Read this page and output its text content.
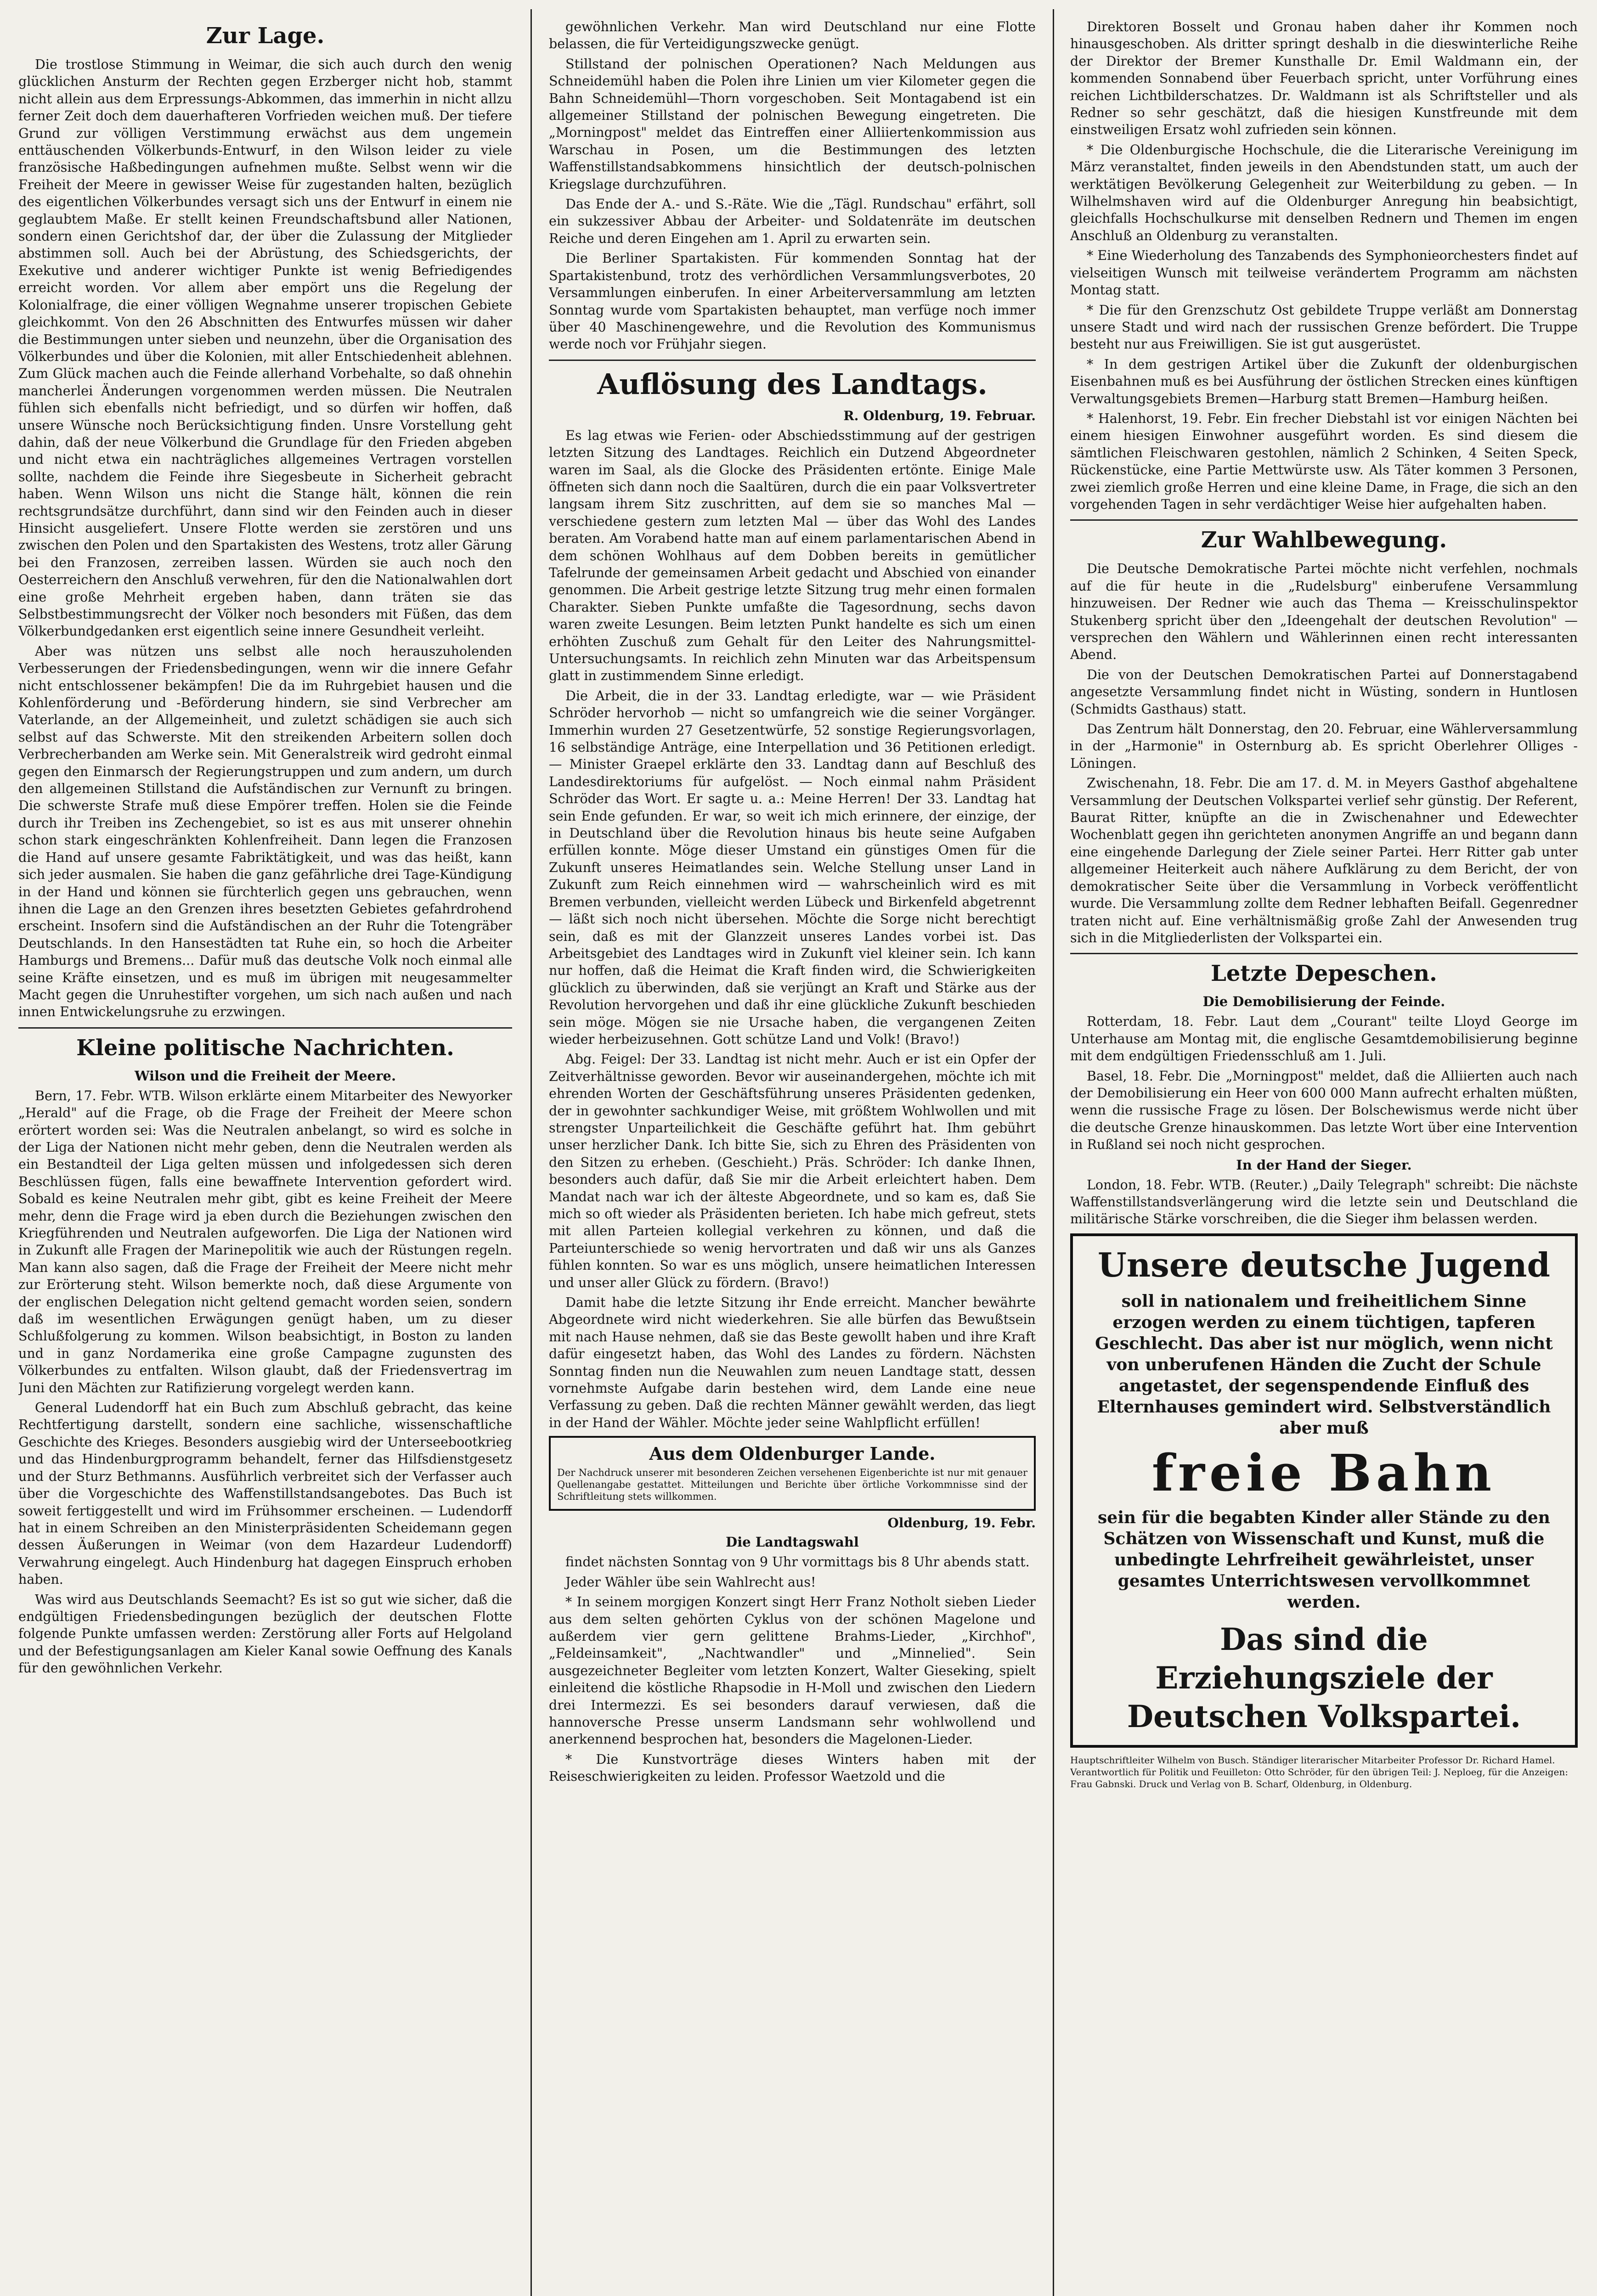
Zur Lage.

Die trostlose Stimmung in Weimar, die sich auch durch den wenig glücklichen Ansturm der Rechten gegen Erzberger nicht hob, stammt nicht allein aus dem Erpressungs-Abkommen, das immerhin in nicht allzu ferner Zeit doch dem dauerhafteren Vorfrieden weichen muß. Der tiefere Grund zur völligen Verstimmung erwächst aus dem ungemein enttäuschenden Völkerbunds-Entwurf, in den Wilson leider zu viele französische Haßbedingungen aufnehmen mußte. Selbst wenn wir die Freiheit der Meere in gewisser Weise für zugestanden halten, bezüglich des eigentlichen Völkerbundes versagt sich uns der Entwurf in einem nie geglaubtem Maße. Er stellt keinen Freundschaftsbund aller Nationen, sondern einen Gerichtshof dar, der über die Zulassung der Mitglieder abstimmen soll. Auch bei der Abrüstung, des Schiedsgerichts, der Exekutive und anderer wichtiger Punkte ist wenig Befriedigendes erreicht worden. Vor allem aber empört uns die Regelung der Kolonialfrage, die einer völligen Wegnahme unserer tropischen Gebiete gleichkommt. Von den 26 Abschnitten des Entwurfes müssen wir daher die Bestimmungen unter sieben und neunzehn, über die Organisation des Völkerbundes und über die Kolonien, mit aller Entschiedenheit ablehnen. Zum Glück machen auch die Feinde allerhand Vorbehalte, so daß ohnehin mancherlei Änderungen vorgenommen werden müssen. Die Neutralen fühlen sich ebenfalls nicht befriedigt, und so dürfen wir hoffen, daß unsere Wünsche noch Berücksichtigung finden. Unsre Vorstellung geht dahin, daß der neue Völkerbund die Grundlage für den Frieden abgeben und nicht etwa ein nachträgliches allgemeines Vertragen vorstellen sollte, nachdem die Feinde ihre Siegesbeute in Sicherheit gebracht haben. Wenn Wilson uns nicht die Stange hält, können die rein rechtsgrundsätze durchführt, dann sind wir den Feinden auch in dieser Hinsicht ausgeliefert. Unsere Flotte werden sie zerstören und uns zwischen den Polen und den Spartakisten des Westens, trotz aller Gärung bei den Franzosen, zerreiben lassen. Würden sie auch noch den Oesterreichern den Anschluß verwehren, für den die Nationalwahlen dort eine große Mehrheit ergeben haben, dann träten sie das Selbstbestimmungsrecht der Völker noch besonders mit Füßen, das dem Völkerbundgedanken erst eigentlich seine innere Gesundheit verleiht.

Aber was nützen uns selbst alle noch herauszuholenden Verbesserungen der Friedensbedingungen, wenn wir die innere Gefahr nicht entschlossener bekämpfen! Die da im Ruhrgebiet hausen und die Kohlenförderung und -Beförderung hindern, sie sind Verbrecher am Vaterlande, an der Allgemeinheit, und zuletzt schädigen sie auch sich selbst auf das Schwerste. Mit den streikenden Arbeitern sollen doch Verbrecherbanden am Werke sein. Mit Generalstreik wird gedroht einmal gegen den Einmarsch der Regierungstruppen und zum andern, um durch den allgemeinen Stillstand die Aufständischen zur Vernunft zu bringen. Die schwerste Strafe muß diese Empörer treffen. Holen sie die Feinde durch ihr Treiben ins Zechengebiet, so ist es aus mit unserer ohnehin schon stark eingeschränkten Kohlenfreiheit. Dann legen die Franzosen die Hand auf unsere gesamte Fabriktätigkeit, und was das heißt, kann sich jeder ausmalen. Sie haben die ganz gefährliche drei Tage-Kündigung in der Hand und können sie fürchterlich gegen uns gebrauchen, wenn ihnen die Lage an den Grenzen ihres besetzten Gebietes gefahrdrohend erscheint. Insofern sind die Aufständischen an der Ruhr die Totengräber Deutschlands. In den Hansestädten tat Ruhe ein, so hoch die Arbeiter Hamburgs und Bremens... Dafür muß das deutsche Volk noch einmal alle seine Kräfte einsetzen, und es muß im übrigen mit neugesammelter Macht gegen die Unruhestifter vorgehen, um sich nach außen und nach innen Entwickelungsruhe zu erzwingen.

Kleine politische Nachrichten.
Wilson und die Freiheit der Meere.

Bern, 17. Febr. WTB. Wilson erklärte einem Mitarbeiter des Newyorker „Herald" auf die Frage, ob die Frage der Freiheit der Meere schon erörtert worden sei: Was die Neutralen anbelangt, so wird es solche in der Liga der Nationen nicht mehr geben, denn die Neutralen werden als ein Bestandteil der Liga gelten müssen und infolgedessen sich deren Beschlüssen fügen, falls eine bewaffnete Intervention gefordert wird. Sobald es keine Neutralen mehr gibt, gibt es keine Freiheit der Meere mehr, denn die Frage wird ja eben durch die Beziehungen zwischen den Kriegführenden und Neutralen aufgeworfen. Die Liga der Nationen wird in Zukunft alle Fragen der Marinepolitik wie auch der Rüstungen regeln. Man kann also sagen, daß die Frage der Freiheit der Meere nicht mehr zur Erörterung steht. Wilson bemerkte noch, daß diese Argumente von der englischen Delegation nicht geltend gemacht worden seien, sondern daß im wesentlichen Erwägungen genügt haben, um zu dieser Schlußfolgerung zu kommen. Wilson beabsichtigt, in Boston zu landen und in ganz Nordamerika eine große Campagne zugunsten des Völkerbundes zu entfalten. Wilson glaubt, daß der Friedensvertrag im Juni den Mächten zur Ratifizierung vorgelegt werden kann.

General Ludendorff hat ein Buch zum Abschluß gebracht, das keine Rechtfertigung darstellt, sondern eine sachliche, wissenschaftliche Geschichte des Krieges. Besonders ausgiebig wird der Unterseebootkrieg und das Hindenburgprogramm behandelt, ferner das Hilfsdienstgesetz und der Sturz Bethmanns. Ausführlich verbreitet sich der Verfasser auch über die Vorgeschichte des Waffenstillstandsangebotes. Das Buch ist soweit fertiggestellt und wird im Frühsommer erscheinen. — Ludendorff hat in einem Schreiben an den Ministerpräsidenten Scheidemann gegen dessen Äußerungen in Weimar (von dem Hazardeur Ludendorff) Verwahrung eingelegt. Auch Hindenburg hat dagegen Einspruch erhoben haben.

Was wird aus Deutschlands Seemacht? Es ist so gut wie sicher, daß die endgültigen Friedensbedingungen bezüglich der deutschen Flotte folgende Punkte umfassen werden: Zerstörung aller Forts auf Helgoland und der Befestigungsanlagen am Kieler Kanal sowie Oeffnung des Kanals für den gewöhnlichen Verkehr.

gewöhnlichen Verkehr. Man wird Deutschland nur eine Flotte belassen, die für Verteidigungszwecke genügt.

Stillstand der polnischen Operationen? Nach Meldungen aus Schneidemühl haben die Polen ihre Linien um vier Kilometer gegen die Bahn Schneidemühl—Thorn vorgeschoben. Seit Montagabend ist ein allgemeiner Stillstand der polnischen Bewegung eingetreten. Die „Morningpost" meldet das Eintreffen einer Alliiertenkommission aus Warschau in Posen, um die Bestimmungen des letzten Waffenstillstandsabkommens hinsichtlich der deutsch-polnischen Kriegslage durchzuführen.

Das Ende der A.- und S.-Räte. Wie die „Tägl. Rundschau" erfährt, soll ein sukzessiver Abbau der Arbeiter- und Soldatenräte im deutschen Reiche und deren Eingehen am 1. April zu erwarten sein.

Die Berliner Spartakisten. Für kommenden Sonntag hat der Spartakistenbund, trotz des verhördlichen Versammlungsverbotes, 20 Versammlungen einberufen. In einer Arbeiterversammlung am letzten Sonntag wurde vom Spartakisten behauptet, man verfüge noch immer über 40 Maschinengewehre, und die Revolution des Kommunismus werde noch vor Frühjahr siegen.

Auflösung des Landtags.
R. Oldenburg, 19. Februar.

Es lag etwas wie Ferien- oder Abschiedsstimmung auf der gestrigen letzten Sitzung des Landtages. Reichlich ein Dutzend Abgeordneter waren im Saal, als die Glocke des Präsidenten ertönte. Einige Male öffneten sich dann noch die Saaltüren, durch die ein paar Volksvertreter langsam ihrem Sitz zuschritten, auf dem sie so manches Mal — verschiedene gestern zum letzten Mal — über das Wohl des Landes beraten. Am Vorabend hatte man auf einem parlamentarischen Abend in dem schönen Wohlhaus auf dem Dobben bereits in gemütlicher Tafelrunde der gemeinsamen Arbeit gedacht und Abschied von einander genommen. Die Arbeit gestrige letzte Sitzung trug mehr einen formalen Charakter. Sieben Punkte umfaßte die Tagesordnung, sechs davon waren zweite Lesungen. Beim letzten Punkt handelte es sich um einen erhöhten Zuschuß zum Gehalt für den Leiter des Nahrungsmittel-Untersuchungsamts. In reichlich zehn Minuten war das Arbeitspensum glatt in zustimmendem Sinne erledigt.

Die Arbeit, die in der 33. Landtag erledigte, war — wie Präsident Schröder hervorhob — nicht so umfangreich wie die seiner Vorgänger. Immerhin wurden 27 Gesetzentwürfe, 52 sonstige Regierungsvorlagen, 16 selbständige Anträge, eine Interpellation und 36 Petitionen erledigt. — Minister Graepel erklärte den 33. Landtag dann auf Beschluß des Landesdirektoriums für aufgelöst. — Noch einmal nahm Präsident Schröder das Wort. Er sagte u. a.: Meine Herren! Der 33. Landtag hat sein Ende gefunden. Er war, so weit ich mich erinnere, der einzige, der in Deutschland über die Revolution hinaus bis heute seine Aufgaben erfüllen konnte. Möge dieser Umstand ein günstiges Omen für die Zukunft unseres Heimatlandes sein. Welche Stellung unser Land in Zukunft zum Reich einnehmen wird — wahrscheinlich wird es mit Bremen verbunden, vielleicht werden Lübeck und Birkenfeld abgetrennt — läßt sich noch nicht übersehen. Möchte die Sorge nicht berechtigt sein, daß es mit der Glanzzeit unseres Landes vorbei ist. Das Arbeitsgebiet des Landtages wird in Zukunft viel kleiner sein. Ich kann nur hoffen, daß die Heimat die Kraft finden wird, die Schwierigkeiten glücklich zu überwinden, daß sie verjüngt an Kraft und Stärke aus der Revolution hervorgehen und daß ihr eine glückliche Zukunft beschieden sein möge. Mögen sie nie Ursache haben, die vergangenen Zeiten wieder herbeizusehnen. Gott schütze Land und Volk! (Bravo!)

Abg. Feigel: Der 33. Landtag ist nicht mehr. Auch er ist ein Opfer der Zeitverhältnisse geworden. Bevor wir auseinandergehen, möchte ich mit ehrenden Worten der Geschäftsführung unseres Präsidenten gedenken, der in gewohnter sachkundiger Weise, mit größtem Wohlwollen und mit strengster Unparteilichkeit die Geschäfte geführt hat. Ihm gebührt unser herzlicher Dank. Ich bitte Sie, sich zu Ehren des Präsidenten von den Sitzen zu erheben. (Geschieht.) Präs. Schröder: Ich danke Ihnen, besonders auch dafür, daß Sie mir die Arbeit erleichtert haben. Dem Mandat nach war ich der älteste Abgeordnete, und so kam es, daß Sie mich so oft wieder als Präsidenten berieten. Ich habe mich gefreut, stets mit allen Parteien kollegial verkehren zu können, und daß die Parteiunterschiede so wenig hervortraten und daß wir uns als Ganzes fühlen konnten. So war es uns möglich, unsere heimatlichen Interessen und unser aller Glück zu fördern. (Bravo!)

Damit habe die letzte Sitzung ihr Ende erreicht. Mancher bewährte Abgeordnete wird nicht wiederkehren. Sie alle bürfen das Bewußtsein mit nach Hause nehmen, daß sie das Beste gewollt haben und ihre Kraft dafür eingesetzt haben, das Wohl des Landes zu fördern. Nächsten Sonntag finden nun die Neuwahlen zum neuen Landtage statt, dessen vornehmste Aufgabe darin bestehen wird, dem Lande eine neue Verfassung zu geben. Daß die rechten Männer gewählt werden, das liegt in der Hand der Wähler. Möchte jeder seine Wahlpflicht erfüllen!

Aus dem Oldenburger Lande.

Der Nachdruck unserer mit besonderen Zeichen versehenen Eigenberichte ist nur mit genauer Quellenangabe gestattet. Mitteilungen und Berichte über örtliche Vorkommnisse sind der Schriftleitung stets willkommen.

Oldenburg, 19. Febr.
Die Landtagswahl

findet nächsten Sonntag von 9 Uhr vormittags bis 8 Uhr abends statt.

Jeder Wähler übe sein Wahlrecht aus!

* In seinem morgigen Konzert singt Herr Franz Notholt sieben Lieder aus dem selten gehörten Cyklus von der schönen Magelone und außerdem vier gern gelittene Brahms-Lieder, „Kirchhof", „Feldeinsamkeit", „Nachtwandler" und „Minnelied". Sein ausgezeichneter Begleiter vom letzten Konzert, Walter Gieseking, spielt einleitend die köstliche Rhapsodie in H-Moll und zwischen den Liedern drei Intermezzi. Es sei besonders darauf verwiesen, daß die hannoversche Presse unserm Landsmann sehr wohlwollend und anerkennend besprochen hat, besonders die Magelonen-Lieder.

* Die Kunstvorträge dieses Winters haben mit der Reiseschwierigkeiten zu leiden. Professor Waetzold und die

Direktoren Bosselt und Gronau haben daher ihr Kommen noch hinausgeschoben. Als dritter springt deshalb in die dieswinterliche Reihe der Direktor der Bremer Kunsthalle Dr. Emil Waldmann ein, der kommenden Sonnabend über Feuerbach spricht, unter Vorführung eines reichen Lichtbilderschatzes. Dr. Waldmann ist als Schriftsteller und als Redner so sehr geschätzt, daß die hiesigen Kunstfreunde mit dem einstweiligen Ersatz wohl zufrieden sein können.

* Die Oldenburgische Hochschule, die die Literarische Vereinigung im März veranstaltet, finden jeweils in den Abendstunden statt, um auch der werktätigen Bevölkerung Gelegenheit zur Weiterbildung zu geben. — In Wilhelmshaven wird auf die Oldenburger Anregung hin beabsichtigt, gleichfalls Hochschulkurse mit denselben Rednern und Themen im engen Anschluß an Oldenburg zu veranstalten.

* Eine Wiederholung des Tanzabends des Symphonieorchesters findet auf vielseitigen Wunsch mit teilweise verändertem Programm am nächsten Montag statt.

* Die für den Grenzschutz Ost gebildete Truppe verläßt am Donnerstag unsere Stadt und wird nach der russischen Grenze befördert. Die Truppe besteht nur aus Freiwilligen. Sie ist gut ausgerüstet.

* In dem gestrigen Artikel über die Zukunft der oldenburgischen Eisenbahnen muß es bei Ausführung der östlichen Strecken eines künftigen Verwaltungsgebiets Bremen—Harburg statt Bremen—Hamburg heißen.

* Halenhorst, 19. Febr. Ein frecher Diebstahl ist vor einigen Nächten bei einem hiesigen Einwohner ausgeführt worden. Es sind diesem die sämtlichen Fleischwaren gestohlen, nämlich 2 Schinken, 4 Seiten Speck, Rückenstücke, eine Partie Mettwürste usw. Als Täter kommen 3 Personen, zwei ziemlich große Herren und eine kleine Dame, in Frage, die sich an den vorgehenden Tagen in sehr verdächtiger Weise hier aufgehalten haben.

Zur Wahlbewegung.

Die Deutsche Demokratische Partei möchte nicht verfehlen, nochmals auf die für heute in die „Rudelsburg" einberufene Versammlung hinzuweisen. Der Redner wie auch das Thema — Kreisschulinspektor Stukenberg spricht über den „Ideengehalt der deutschen Revolution" — versprechen den Wählern und Wählerinnen einen recht interessanten Abend.

Die von der Deutschen Demokratischen Partei auf Donnerstagabend angesetzte Versammlung findet nicht in Wüsting, sondern in Huntlosen (Schmidts Gasthaus) statt.

Das Zentrum hält Donnerstag, den 20. Februar, eine Wählerversammlung in der „Harmonie" in Osternburg ab. Es spricht Oberlehrer Olliges - Löningen.

Zwischenahn, 18. Febr. Die am 17. d. M. in Meyers Gasthof abgehaltene Versammlung der Deutschen Volkspartei verlief sehr günstig. Der Referent, Baurat Ritter, knüpfte an die in Zwischenahner und Edewechter Wochenblatt gegen ihn gerichteten anonymen Angriffe an und begann dann eine eingehende Darlegung der Ziele seiner Partei. Herr Ritter gab unter allgemeiner Heiterkeit auch nähere Aufklärung zu dem Bericht, der von demokratischer Seite über die Versammlung in Vorbeck veröffentlicht wurde. Die Versammlung zollte dem Redner lebhaften Beifall. Gegenredner traten nicht auf. Eine verhältnismäßig große Zahl der Anwesenden trug sich in die Mitgliederlisten der Volkspartei ein.

Letzte Depeschen.
Die Demobilisierung der Feinde.

Rotterdam, 18. Febr. Laut dem „Courant" teilte Lloyd George im Unterhause am Montag mit, die englische Gesamtdemobilisierung beginne mit dem endgültigen Friedensschluß am 1. Juli.

Basel, 18. Febr. Die „Morningpost" meldet, daß die Alliierten auch nach der Demobilisierung ein Heer von 600 000 Mann aufrecht erhalten müßten, wenn die russische Frage zu lösen. Der Bolschewismus werde nicht über die deutsche Grenze hinauskommen. Das letzte Wort über eine Intervention in Rußland sei noch nicht gesprochen.

In der Hand der Sieger.

London, 18. Febr. WTB. (Reuter.) „Daily Telegraph" schreibt: Die nächste Waffenstillstandsverlängerung wird die letzte sein und Deutschland die militärische Stärke vorschreiben, die die Sieger ihm belassen werden.

Unsere deutsche Jugend
soll in nationalem und freiheitlichem Sinne erzogen werden zu einem tüchtigen, tapferen Geschlecht. Das aber ist nur möglich, wenn nicht von unberufenen Händen die Zucht der Schule angetastet, der segenspendende Einfluß des Elternhauses gemindert wird. Selbstverständlich aber muß
freie Bahn
sein für die begabten Kinder aller Stände zu den Schätzen von Wissenschaft und Kunst, muß die unbedingte Lehrfreiheit gewährleistet, unser gesamtes Unterrichtswesen vervollkommnet werden.
Das sind die Erziehungsziele der Deutschen Volkspartei.

Hauptschriftleiter Wilhelm von Busch. Ständiger literarischer Mitarbeiter Professor Dr. Richard Hamel. Verantwortlich für Politik und Feuilleton: Otto Schröder, für den übrigen Teil: J. Neploeg, für die Anzeigen: Frau Gabnski. Druck und Verlag von B. Scharf, Oldenburg, in Oldenburg.
